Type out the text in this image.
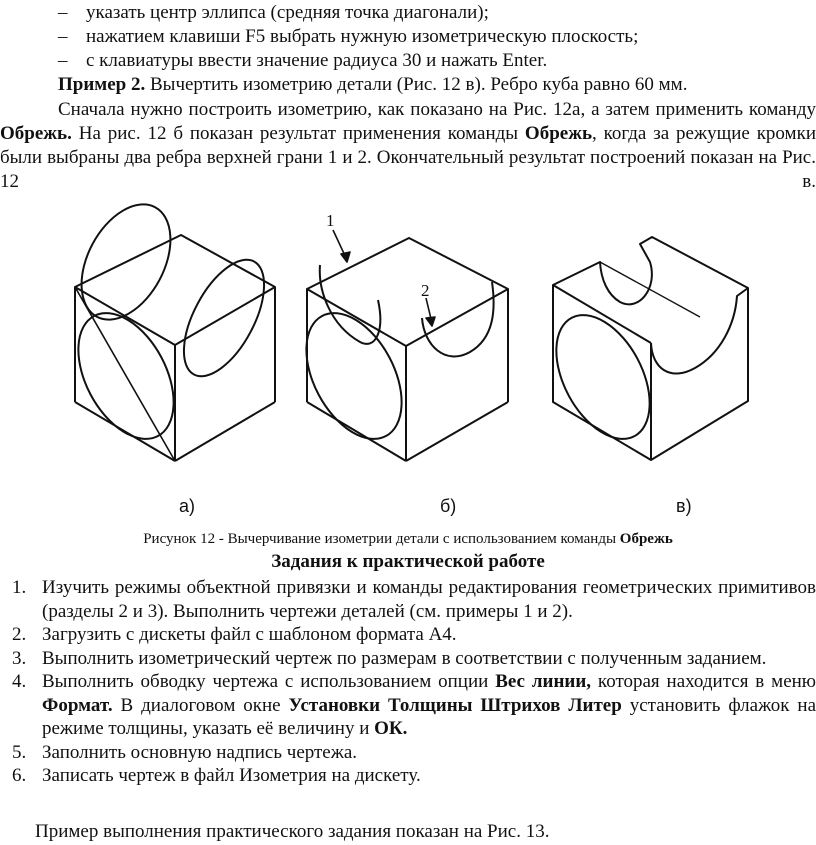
– указать центр эллипса (средняя точка диагонали);
– нажатием клавиши F5 выбрать нужную изометрическую плоскость;
– с клавиатуры ввести значение радиуса 30 и нажать Enter.
Пример 2. Вычертить изометрию детали (Рис. 12 в). Ребро куба равно 60 мм.
Сначала нужно построить изометрию, как показано на Рис. 12а, а затем применить команду Обрежь. На рис. 12 б показан результат применения команды Обрежь, когда за режущие кромки были выбраны два ребра верхней грани 1 и 2. Окончательный результат построений показан на Рис. 12 в.
1
2
а)	б)	в)
Рисунок 12 - Вычерчивание изометрии детали с использованием команды Обрежь
Задания к практической работе
1. Изучить режимы объектной привязки и команды редактирования геометрических примитивов (разделы 2 и 3). Выполнить чертежи деталей (см. примеры 1 и 2).
2. Загрузить с дискеты файл с шаблоном формата А4.
3. Выполнить изометрический чертеж по размерам в соответствии с полученным заданием.
4. Выполнить обводку чертежа с использованием опции Вес линии, которая находится в меню Формат. В диалоговом окне Установки Толщины Штрихов Литер установить флажок на режиме толщины, указать её величину и ОК.
5. Заполнить основную надпись чертежа.
6. Записать чертеж в файл Изометрия на дискету.
Пример выполнения практического задания показан на Рис. 13.
